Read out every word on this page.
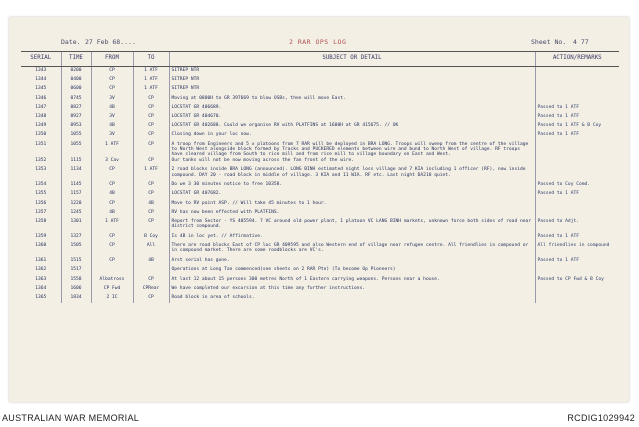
Date. 27 Feb 68....	2 RAR OPS LOG	Sheet No. 4 77
SERIAL	TIME	FROM	TO	SUBJECT OR DETAIL	ACTION/REMARKS
1343	0200	CP	1 ATF	SITREP NTR	
1344	0400	CP	1 ATF	SITREP NTR	
1345	0600	CP	1 ATF	SITREP NTR	
1346	0745	3V	CP	Moving at 0800H to GR 397669 to blow OSBs, then will move East.	
1347	0827	4B	CP	LOCSTAT GR 406689.	Passed to 1 ATF
1348	0927	3V	CP	LOCSTAT GR 404670.	Passed to 1 ATF
1349	0953	4B	CP	LOCSTAT GR 402688. Could we organise RV with PLATFINS at 1600H at GR 415675. // OK	Passed to 1 ATF & B Coy
1350	1055	3V	CP	Closing down in your loc now.	Passed to 1 ATF
1351	1055	1 ATF	CP	A troop from Engineers and 5 x platoons from 7 RAR will be deployed in BRA LONG. Troops will sweep from the centre of the village to North West alongside block formed by Tracks and PUCKERED elements between wire and bund to North West of village. RF troops have cleared village from South to rice mill and from rice mill to village boundary on East and West.	
1352	1115	3 Cav	CP	Our tanks will not be now moving across the fan front of the wire.	
1353	1134	CP	1 ATF	2 road blocks inside BRA LONG (announced). LONG BINH estimated night loss village and 7 KIA including 1 officer (RF), now inside compound. DAY 20 - road block in middle of village. 3 KIA and 11 WIA. RF etc. Last night DA218 quiet.	
1354	1145	CP	CP	Do we 3 30 minutes notice to free 10358.	Passed to Coy Comd.
1355	1157	4B	CP	LOCSTAT GR 407682.	Passed to 1 ATF
1356	1220	CP	4B	Move to RV point ASP. // Will take 45 minutes to 1 hour.	
1357	1245	4B	CP	RV has now been effected with PLATFINS.	
1358	1301	1 ATF	CP	Report from Sector - YS 405594. 7 VC around old power plant, 1 platoon VC LANG BINH markets, unknown force both sides of road near district compound.	Passed to Adjt.
1359	1327	CP	B Coy	Is 4B in loc yet. // Affirmative.	Passed to 1 ATF
1360	1505	CP	All	There are road blocks East of CP loc GR 409595 and also Western end of village near refugee centre. All friendlies in compound or in compound market. There are some roadblocks are VC's.	All friendlies in compound
1361	1515	CP	4B	Arst serial has gone.	Passed to 1 ATF
1362	1517			Operations at Long Tan commenced(see sheets on 2 RAR Ptn) (To become Op Pioneers)	
1363	1558	Albatross	CP	At last 12 about 15 persons 300 metres North of 1 Eastern carrying weapons. Persons near a house.	Passed to CP Fwd & B Coy
1364	1606	CP Fwd	CPRear	We have completed our excursion at this time any further instructions.	
1365	1834	2 IC	CP	Road block in area of schools.	
AUSTRALIAN WAR MEMORIAL	RCDIG1029942
